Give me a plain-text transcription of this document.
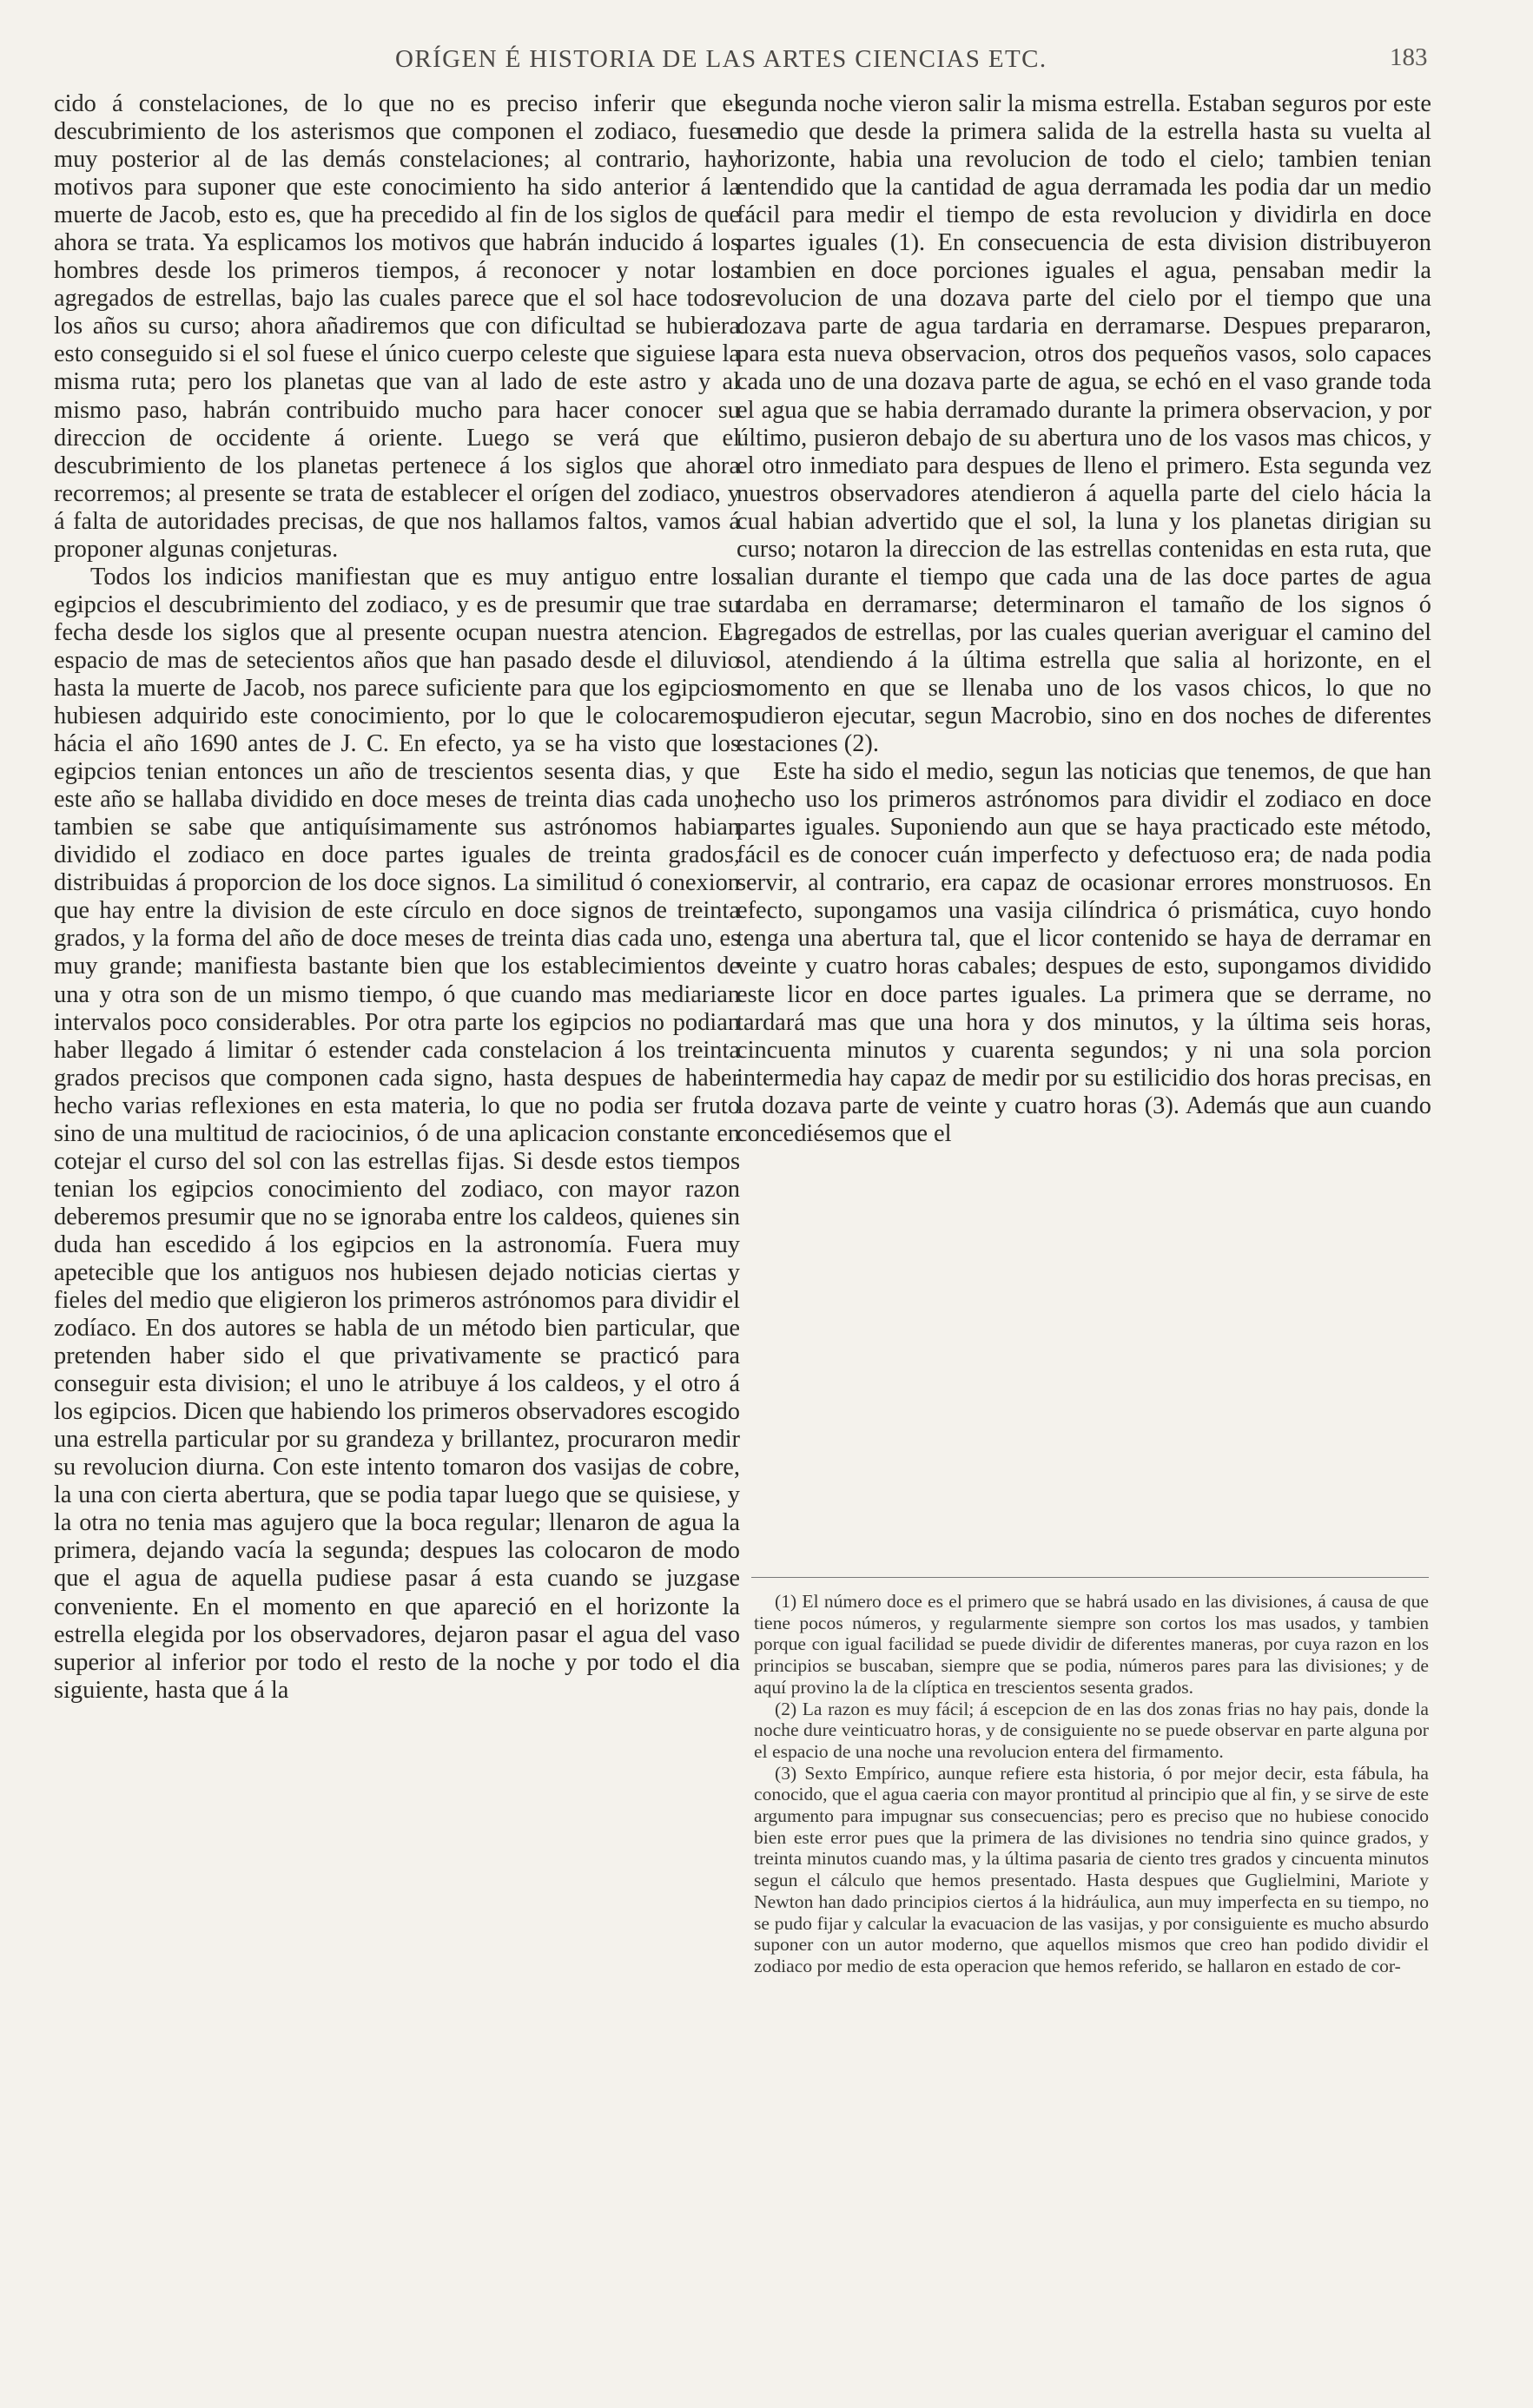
ORÍGEN É HISTORIA DE LAS ARTES CIENCIAS ETC.	183

cido á constelaciones, de lo que no es preciso inferir que el descubrimiento de los asterismos que componen el zodiaco, fuese muy posterior al de las demás constelaciones; al contrario, hay motivos para suponer que este conocimiento ha sido anterior á la muerte de Jacob, esto es, que ha precedido al fin de los siglos de que ahora se trata. Ya esplicamos los motivos que habrán inducido á los hombres desde los primeros tiempos, á reconocer y notar los agregados de estrellas, bajo las cuales parece que el sol hace todos los años su curso; ahora añadiremos que con dificultad se hubiera esto conseguido si el sol fuese el único cuerpo celeste que siguiese la misma ruta; pero los planetas que van al lado de este astro y al mismo paso, habrán contribuido mucho para hacer conocer su direccion de occidente á oriente. Luego se verá que el descubrimiento de los planetas pertenece á los siglos que ahora recorremos; al presente se trata de establecer el orígen del zodiaco, y á falta de autoridades precisas, de que nos hallamos faltos, vamos á proponer algunas conjeturas.

Todos los indicios manifiestan que es muy antiguo entre los egipcios el descubrimiento del zodiaco, y es de presumir que trae su fecha desde los siglos que al presente ocupan nuestra atencion. El espacio de mas de setecientos años que han pasado desde el diluvio hasta la muerte de Jacob, nos parece suficiente para que los egipcios hubiesen adquirido este conocimiento, por lo que le colocaremos hácia el año 1690 antes de J. C. En efecto, ya se ha visto que los egipcios tenian entonces un año de trescientos sesenta dias, y que este año se hallaba dividido en doce meses de treinta dias cada uno; tambien se sabe que antiquísimamente sus astrónomos habian dividido el zodiaco en doce partes iguales de treinta grados, distribuidas á proporcion de los doce signos. La similitud ó conexion que hay entre la division de este círculo en doce signos de treinta grados, y la forma del año de doce meses de treinta dias cada uno, es muy grande; manifiesta bastante bien que los establecimientos de una y otra son de un mismo tiempo, ó que cuando mas mediarian intervalos poco considerables. Por otra parte los egipcios no podian haber llegado á limitar ó estender cada constelacion á los treinta grados precisos que componen cada signo, hasta despues de haber hecho varias reflexiones en esta materia, lo que no podia ser fruto sino de una multitud de raciocinios, ó de una aplicacion constante en cotejar el curso del sol con las estrellas fijas. Si desde estos tiempos tenian los egipcios conocimiento del zodiaco, con mayor razon deberemos presumir que no se ignoraba entre los caldeos, quienes sin duda han escedido á los egipcios en la astronomía. Fuera muy apetecible que los antiguos nos hubiesen dejado noticias ciertas y fieles del medio que eligieron los primeros astrónomos para dividir el zodíaco. En dos autores se habla de un método bien particular, que pretenden haber sido el que privativamente se practicó para conseguir esta division; el uno le atribuye á los caldeos, y el otro á los egipcios. Dicen que habiendo los primeros observadores escogido una estrella particular por su grandeza y brillantez, procuraron medir su revolucion diurna. Con este intento tomaron dos vasijas de cobre, la una con cierta abertura, que se podia tapar luego que se quisiese, y la otra no tenia mas agujero que la boca regular; llenaron de agua la primera, dejando vacía la segunda; despues las colocaron de modo que el agua de aquella pudiese pasar á esta cuando se juzgase conveniente. En el momento en que apareció en el horizonte la estrella elegida por los observadores, dejaron pasar el agua del vaso superior al inferior por todo el resto de la noche y por todo el dia siguiente, hasta que á la

segunda noche vieron salir la misma estrella. Estaban seguros por este medio que desde la primera salida de la estrella hasta su vuelta al horizonte, habia una revolucion de todo el cielo; tambien tenian entendido que la cantidad de agua derramada les podia dar un medio fácil para medir el tiempo de esta revolucion y dividirla en doce partes iguales (1). En consecuencia de esta division distribuyeron tambien en doce porciones iguales el agua, pensaban medir la revolucion de una dozava parte del cielo por el tiempo que una dozava parte de agua tardaria en derramarse. Despues prepararon, para esta nueva observacion, otros dos pequeños vasos, solo capaces cada uno de una dozava parte de agua, se echó en el vaso grande toda el agua que se habia derramado durante la primera observacion, y por último, pusieron debajo de su abertura uno de los vasos mas chicos, y el otro inmediato para despues de lleno el primero. Esta segunda vez nuestros observadores atendieron á aquella parte del cielo hácia la cual habian advertido que el sol, la luna y los planetas dirigian su curso; notaron la direccion de las estrellas contenidas en esta ruta, que salian durante el tiempo que cada una de las doce partes de agua tardaba en derramarse; determinaron el tamaño de los signos ó agregados de estrellas, por las cuales querian averiguar el camino del sol, atendiendo á la última estrella que salia al horizonte, en el momento en que se llenaba uno de los vasos chicos, lo que no pudieron ejecutar, segun Macrobio, sino en dos noches de diferentes estaciones (2).

Este ha sido el medio, segun las noticias que tenemos, de que han hecho uso los primeros astrónomos para dividir el zodiaco en doce partes iguales. Suponiendo aun que se haya practicado este método, fácil es de conocer cuán imperfecto y defectuoso era; de nada podia servir, al contrario, era capaz de ocasionar errores monstruosos. En efecto, supongamos una vasija cilíndrica ó prismática, cuyo hondo tenga una abertura tal, que el licor contenido se haya de derramar en veinte y cuatro horas cabales; despues de esto, supongamos dividido este licor en doce partes iguales. La primera que se derrame, no tardará mas que una hora y dos minutos, y la última seis horas, cincuenta minutos y cuarenta segundos; y ni una sola porcion intermedia hay capaz de medir por su estilicidio dos horas precisas, en la dozava parte de veinte y cuatro horas (3). Además que aun cuando concediésemos que el

(1) El número doce es el primero que se habrá usado en las divisiones, á causa de que tiene pocos números, y regularmente siempre son cortos los mas usados, y tambien porque con igual facilidad se puede dividir de diferentes maneras, por cuya razon en los principios se buscaban, siempre que se podia, números pares para las divisiones; y de aquí provino la de la clíptica en trescientos sesenta grados.

(2) La razon es muy fácil; á escepcion de en las dos zonas frias no hay pais, donde la noche dure veinticuatro horas, y de consiguiente no se puede observar en parte alguna por el espacio de una noche una revolucion entera del firmamento.

(3) Sexto Empírico, aunque refiere esta historia, ó por mejor decir, esta fábula, ha conocido, que el agua caeria con mayor prontitud al principio que al fin, y se sirve de este argumento para impugnar sus consecuencias; pero es preciso que no hubiese conocido bien este error pues que la primera de las divisiones no tendria sino quince grados, y treinta minutos cuando mas, y la última pasaria de ciento tres grados y cincuenta minutos segun el cálculo que hemos presentado. Hasta despues que Guglielmini, Mariote y Newton han dado principios ciertos á la hidráulica, aun muy imperfecta en su tiempo, no se pudo fijar y calcular la evacuacion de las vasijas, y por consiguiente es mucho absurdo suponer con un autor moderno, que aquellos mismos que creo han podido dividir el zodiaco por medio de esta operacion que hemos referido, se hallaron en estado de cor-
